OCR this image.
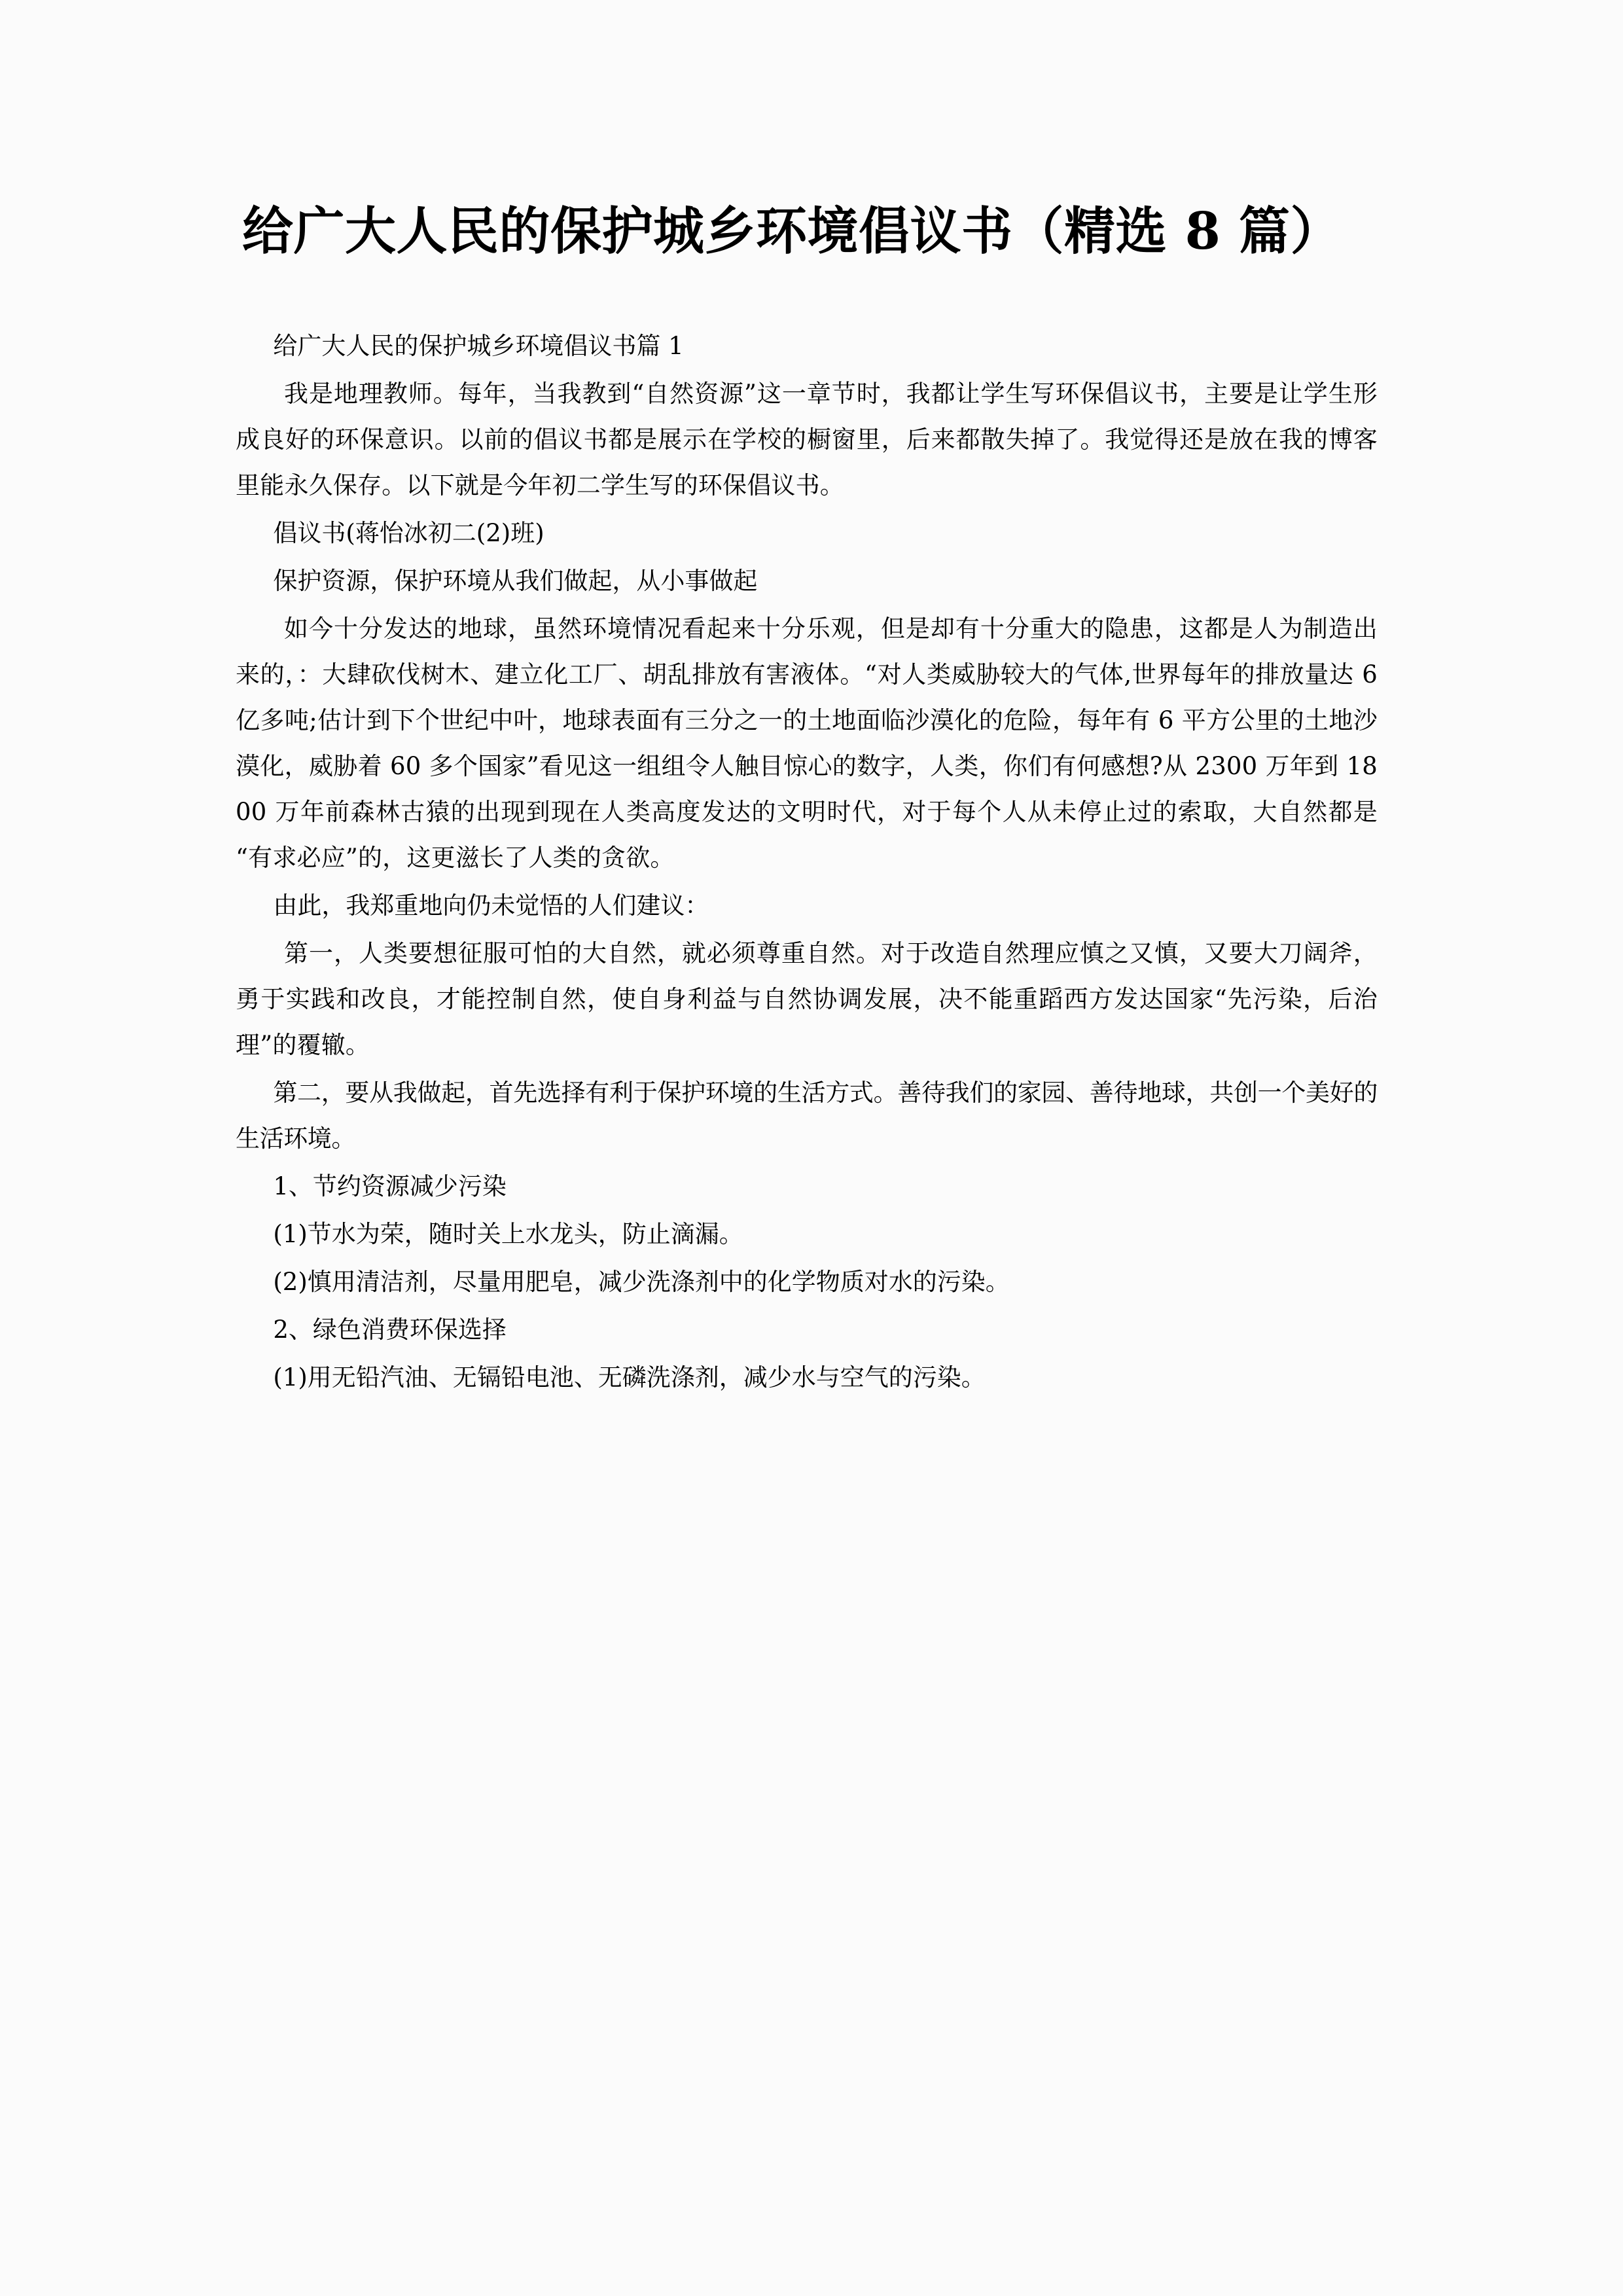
给广大人民的保护城乡环境倡议书（精选 8 篇）

给广大人民的保护城乡环境倡议书篇 1

我是地理教师。每年，当我教到“自然资源”这一章节时，我都让学生写环保倡议书，主要是让学生形成良好的环保意识。以前的倡议书都是展示在学校的橱窗里，后来都散失掉了。我觉得还是放在我的博客里能永久保存。以下就是今年初二学生写的环保倡议书。

倡议书(蒋怡冰初二(2)班)

保护资源，保护环境从我们做起，从小事做起

如今十分发达的地球，虽然环境情况看起来十分乐观，但是却有十分重大的隐患，这都是人为制造出来的，：大肆砍伐树木、建立化工厂、胡乱排放有害液体。“对人类威胁较大的气体,世界每年的排放量达 6 亿多吨;估计到下个世纪中叶，地球表面有三分之一的土地面临沙漠化的危险，每年有 6 平方公里的土地沙漠化，威胁着 60 多个国家”看见这一组组令人触目惊心的数字，人类，你们有何感想?从 2300 万年到 1800 万年前森林古猿的出现到现在人类高度发达的文明时代，对于每个人从未停止过的索取，大自然都是“有求必应”的，这更滋长了人类的贪欲。

由此，我郑重地向仍未觉悟的人们建议：

第一，人类要想征服可怕的大自然，就必须尊重自然。对于改造自然理应慎之又慎，又要大刀阔斧，勇于实践和改良，才能控制自然，使自身利益与自然协调发展，决不能重蹈西方发达国家“先污染，后治理”的覆辙。

第二，要从我做起，首先选择有利于保护环境的生活方式。善待我们的家园、善待地球，共创一个美好的生活环境。

1、节约资源减少污染

(1)节水为荣，随时关上水龙头，防止滴漏。

(2)慎用清洁剂，尽量用肥皂，减少洗涤剂中的化学物质对水的污染。

2、绿色消费环保选择

(1)用无铅汽油、无镉铅电池、无磷洗涤剂，减少水与空气的污染。
